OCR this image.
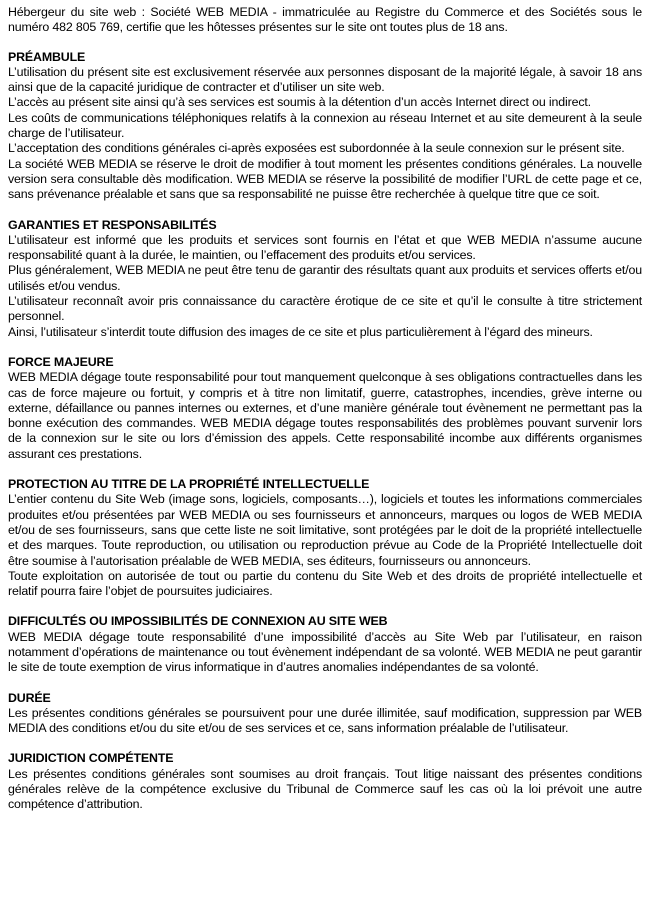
Hébergeur du site web : Société WEB MEDIA - immatriculée au Registre du Commerce et des Sociétés sous le numéro 482 805 769, certifie que les hôtesses présentes sur le site ont toutes plus de 18 ans.

PRÉAMBULE

L’utilisation du présent site est exclusivement réservée aux personnes disposant de la majorité légale, à savoir 18 ans ainsi que de la capacité juridique de contracter et d’utiliser un site web.

L’accès au présent site ainsi qu’à ses services est soumis à la détention d’un accès Internet direct ou indirect.

Les coûts de communications téléphoniques relatifs à la connexion au réseau Internet et au site demeurent à la seule charge de l’utilisateur.

L’acceptation des conditions générales ci-après exposées est subordonnée à la seule connexion sur le présent site.

La société WEB MEDIA se réserve le droit de modifier à tout moment les présentes conditions générales. La nouvelle version sera consultable dès modification. WEB MEDIA se réserve la possibilité de modifier l’URL de cette page et ce, sans prévenance préalable et sans que sa responsabilité ne puisse être recherchée à quelque titre que ce soit.

GARANTIES ET RESPONSABILITÉS

L’utilisateur est informé que les produits et services sont fournis en l’état et que WEB MEDIA n’assume aucune responsabilité quant à la durée, le maintien, ou l’effacement des produits et/ou services.

Plus généralement, WEB MEDIA ne peut être tenu de garantir des résultats quant aux produits et services offerts et/ou utilisés et/ou vendus.

L’utilisateur reconnaît avoir pris connaissance du caractère érotique de ce site et qu’il le consulte à titre strictement personnel.

Ainsi, l’utilisateur s’interdit toute diffusion des images de ce site et plus particulièrement à l’égard des mineurs.

FORCE MAJEURE

WEB MEDIA dégage toute responsabilité pour tout manquement quelconque à ses obligations contractuelles dans les cas de force majeure ou fortuit, y compris et à titre non limitatif, guerre, catastrophes, incendies, grève interne ou externe, défaillance ou pannes internes ou externes, et d’une manière générale tout évènement ne permettant pas la bonne exécution des commandes. WEB MEDIA dégage toutes responsabilités des problèmes pouvant survenir lors de la connexion sur le site ou lors d’émission des appels. Cette responsabilité incombe aux différents organismes assurant ces prestations.

PROTECTION AU TITRE DE LA PROPRIÉTÉ INTELLECTUELLE

L’entier contenu du Site Web (image sons, logiciels, composants…), logiciels et toutes les informations commerciales produites et/ou présentées par WEB MEDIA ou ses fournisseurs et annonceurs, marques ou logos de WEB MEDIA et/ou de ses fournisseurs, sans que cette liste ne soit limitative, sont protégées par le doit de la propriété intellectuelle et des marques. Toute reproduction, ou utilisation ou reproduction prévue au Code de la Propriété Intellectuelle doit être soumise à l’autorisation préalable de WEB MEDIA, ses éditeurs, fournisseurs ou annonceurs.

Toute exploitation on autorisée de tout ou partie du contenu du Site Web et des droits de propriété intellectuelle et relatif pourra faire l’objet de poursuites judiciaires.

DIFFICULTÉS OU IMPOSSIBILITÉS DE CONNEXION AU SITE WEB

WEB MEDIA dégage toute responsabilité d’une impossibilité d’accès au Site Web par l’utilisateur, en raison notamment d’opérations de maintenance ou tout évènement indépendant de sa volonté. WEB MEDIA ne peut garantir le site de toute exemption de virus informatique in d’autres anomalies indépendantes de sa volonté.

DURÉE

Les présentes conditions générales se poursuivent pour une durée illimitée, sauf modification, suppression par WEB MEDIA des conditions et/ou du site et/ou de ses services et ce, sans information préalable de l’utilisateur.

JURIDICTION COMPÉTENTE

Les présentes conditions générales sont soumises au droit français. Tout litige naissant des présentes conditions générales relève de la compétence exclusive du Tribunal de Commerce sauf les cas où la loi prévoit une autre compétence d’attribution.
